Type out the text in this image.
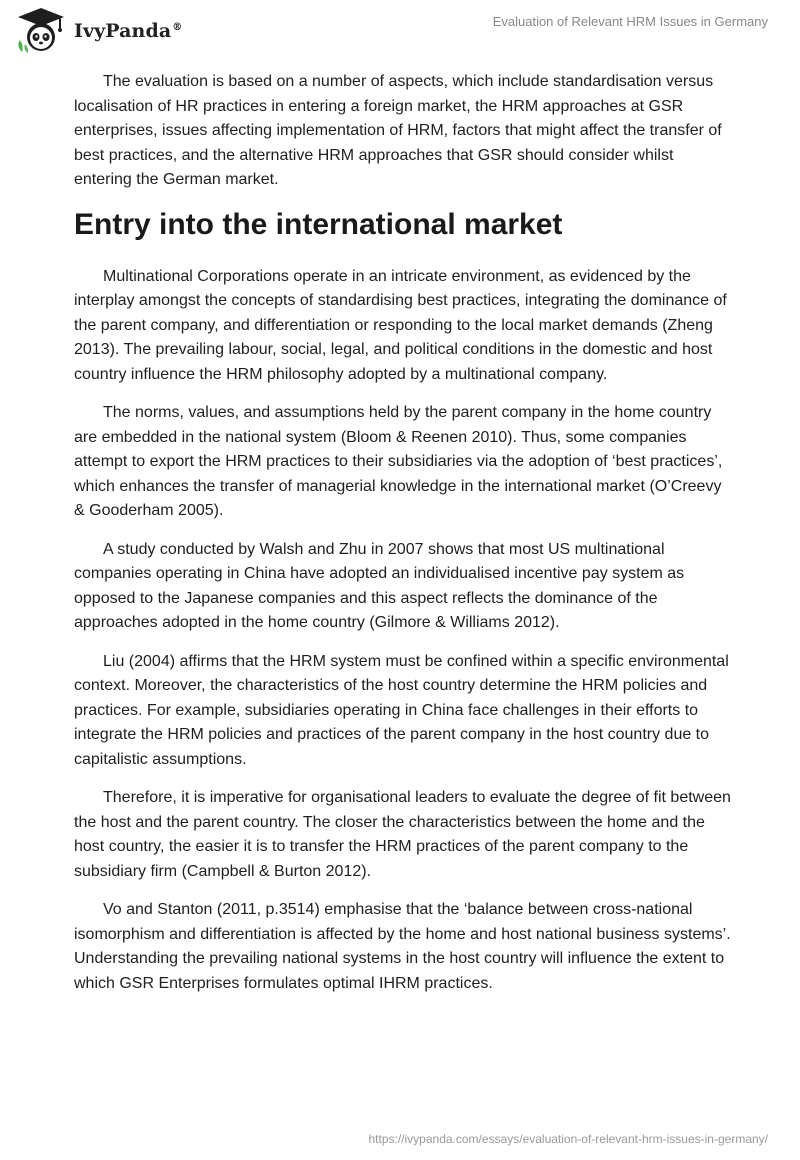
IvyPanda®	Evaluation of Relevant HRM Issues in Germany

The evaluation is based on a number of aspects, which include standardisation versus localisation of HR practices in entering a foreign market, the HRM approaches at GSR enterprises, issues affecting implementation of HRM, factors that might affect the transfer of best practices, and the alternative HRM approaches that GSR should consider whilst entering the German market.

Entry into the international market

Multinational Corporations operate in an intricate environment, as evidenced by the interplay amongst the concepts of standardising best practices, integrating the dominance of the parent company, and differentiation or responding to the local market demands (Zheng 2013). The prevailing labour, social, legal, and political conditions in the domestic and host country influence the HRM philosophy adopted by a multinational company.

The norms, values, and assumptions held by the parent company in the home country are embedded in the national system (Bloom & Reenen 2010). Thus, some companies attempt to export the HRM practices to their subsidiaries via the adoption of ‘best practices’, which enhances the transfer of managerial knowledge in the international market (O’Creevy & Gooderham 2005).

A study conducted by Walsh and Zhu in 2007 shows that most US multinational companies operating in China have adopted an individualised incentive pay system as opposed to the Japanese companies and this aspect reflects the dominance of the approaches adopted in the home country (Gilmore & Williams 2012).

Liu (2004) affirms that the HRM system must be confined within a specific environmental context. Moreover, the characteristics of the host country determine the HRM policies and practices. For example, subsidiaries operating in China face challenges in their efforts to integrate the HRM policies and practices of the parent company in the host country due to capitalistic assumptions.

Therefore, it is imperative for organisational leaders to evaluate the degree of fit between the host and the parent country. The closer the characteristics between the home and the host country, the easier it is to transfer the HRM practices of the parent company to the subsidiary firm (Campbell & Burton 2012).

Vo and Stanton (2011, p.3514) emphasise that the ‘balance between cross-national isomorphism and differentiation is affected by the home and host national business systems’. Understanding the prevailing national systems in the host country will influence the extent to which GSR Enterprises formulates optimal IHRM practices.

https://ivypanda.com/essays/evaluation-of-relevant-hrm-issues-in-germany/
